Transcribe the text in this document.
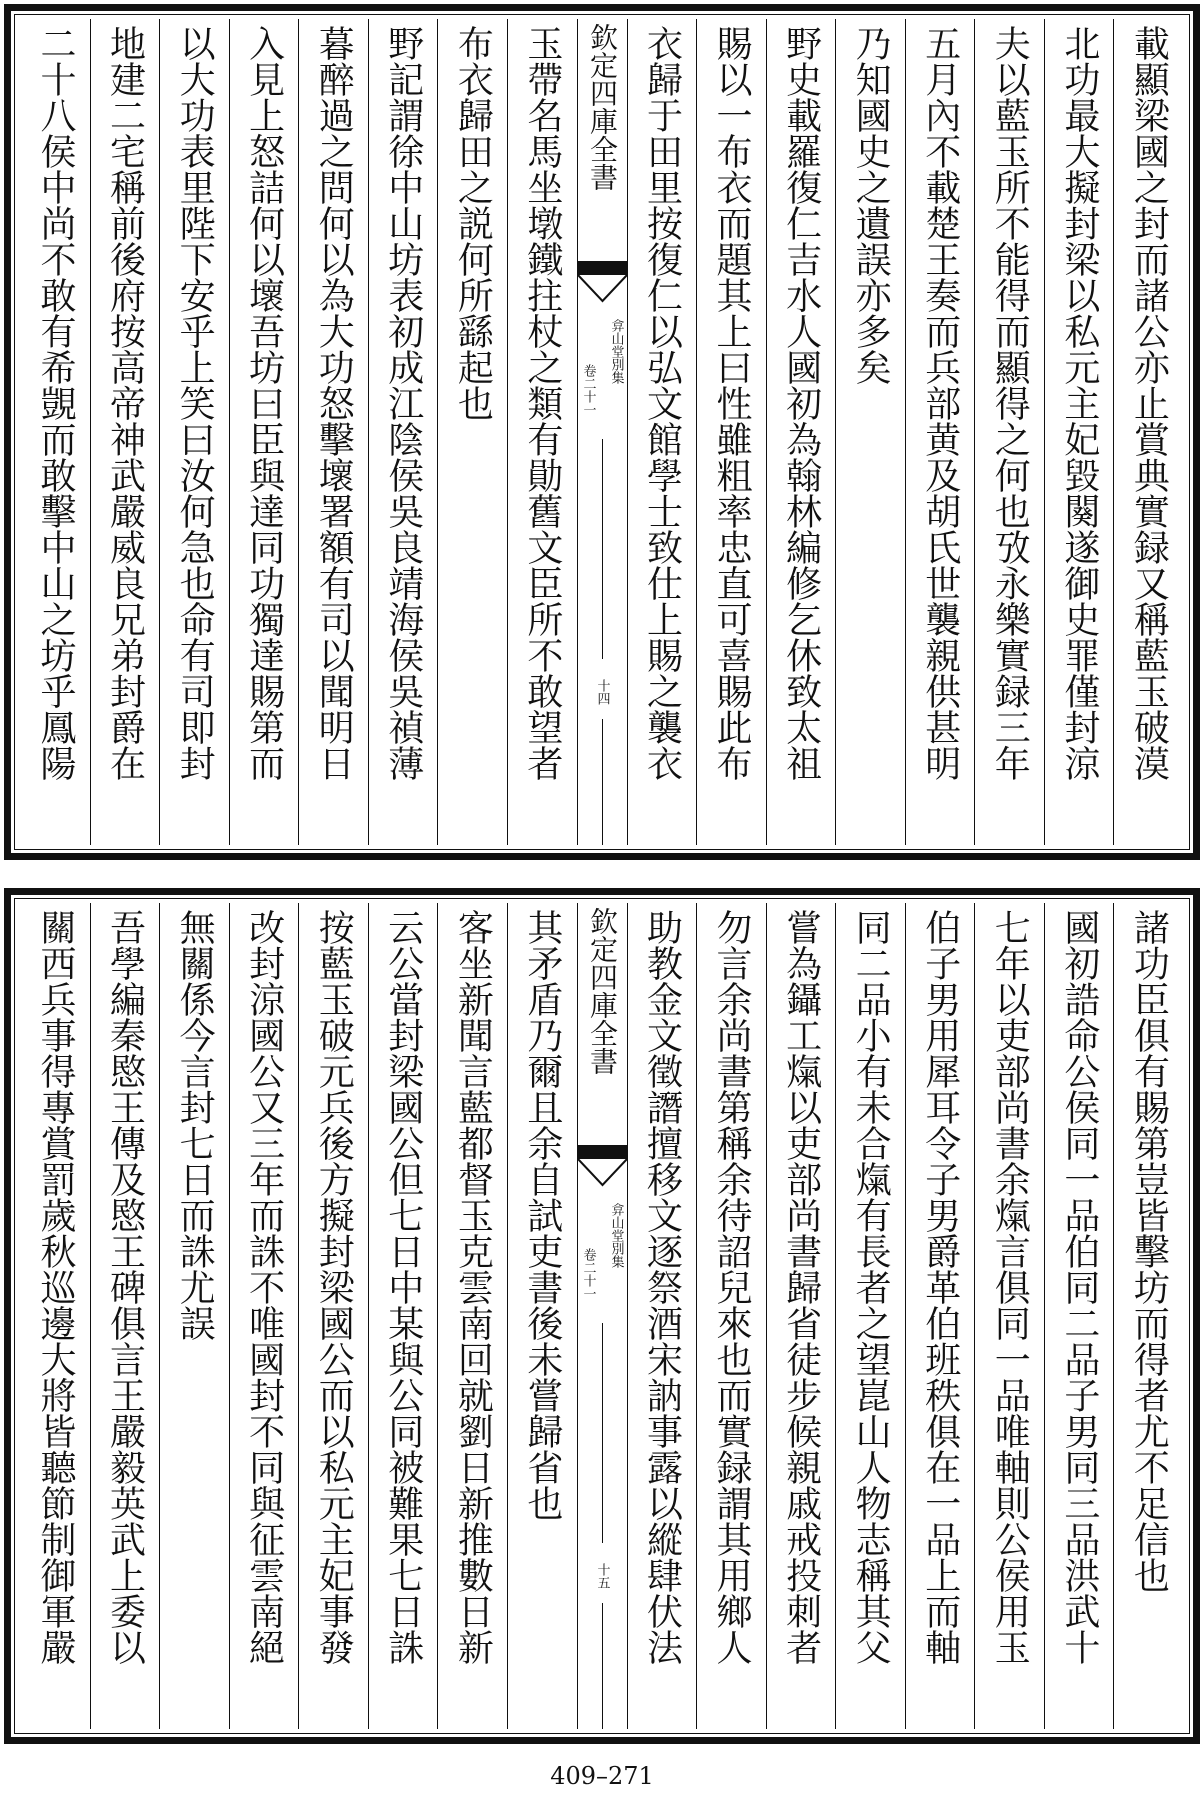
載顯梁國之封而諸公亦止賞典實録又稱藍玉破漠
北功最大擬封梁以私元主妃毀闋遂御史罪僅封涼
夫以藍玉所不能得而顯得之何也攷永樂實録三年
五月內不載楚王奏而兵部黄及胡氏世襲親供甚明
乃知國史之遺誤亦多矣
野史載羅復仁吉水人國初為翰林編修乞休致太祖
賜以一布衣而題其上曰性雖粗率忠直可喜賜此布
衣歸于田里按復仁以弘文館學士致仕上賜之襲衣
欽定四庫全書
弇山堂別集
卷二十一
十四
玉帶名馬坐墩鐵拄杖之類有勛舊文臣所不敢望者
布衣歸田之説何所繇起也
野記謂徐中山坊表初成江陰侯吳良靖海侯吳禎薄
暮醉過之問何以為大功怒擊壞署額有司以聞明日
入見上怒詰何以壞吾坊曰臣與達同功獨達賜第而
以大功表里陛下安乎上笑曰汝何急也命有司即封
地建二宅稱前後府按高帝神武嚴威良兄弟封爵在
二十八侯中尚不敢有希覬而敢擊中山之坊乎鳳陽
諸功臣俱有賜第豈皆擊坊而得者尤不足信也
國初誥命公侯同一品伯同二品子男同三品洪武十
七年以吏部尚書余熂言俱同一品唯軸則公侯用玉
伯子男用犀耳令子男爵革伯班秩俱在一品上而軸
同二品小有未合熂有長者之望崑山人物志稱其父
嘗為鑷工熂以吏部尚書歸省徒步候親戚戒投刺者
勿言余尚書第稱余待詔兒來也而實録謂其用鄉人
助教金文徵譖擅移文逐祭酒宋訥事露以縱肆伏法
欽定四庫全書
弇山堂別集
卷二十一
十五
其矛盾乃爾且余自試吏書後未嘗歸省也
客坐新聞言藍都督玉克雲南回就劉日新推數日新
云公當封梁國公但七日中某與公同被難果七日誅
按藍玉破元兵後方擬封梁國公而以私元主妃事發
改封涼國公又三年而誅不唯國封不同與征雲南絕
無關係今言封七日而誅尤誤
吾學編秦愍王傳及愍王碑俱言王嚴毅英武上委以
關西兵事得專賞罰歲秋巡邊大將皆聽節制御軍嚴
409–271
